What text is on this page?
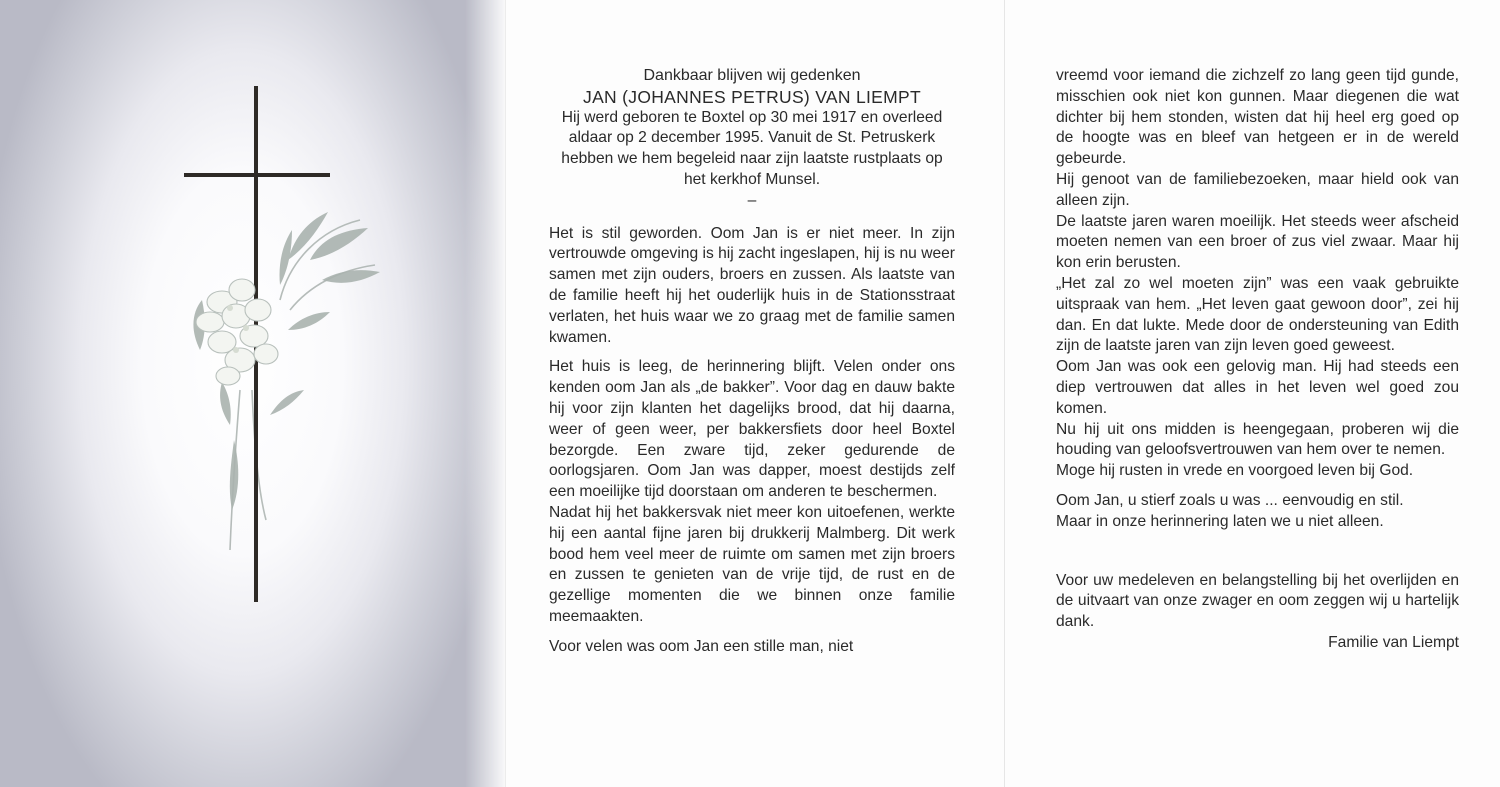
Dankbaar blijven wij gedenken

JAN (JOHANNES PETRUS) VAN LIEMPT

Hij werd geboren te Boxtel op 30 mei 1917 en overleed aldaar op 2 december 1995. Vanuit de St. Petruskerk hebben we hem begeleid naar zijn laatste rustplaats op het kerkhof Munsel.

–

Het is stil geworden. Oom Jan is er niet meer. In zijn vertrouwde omgeving is hij zacht ingeslapen, hij is nu weer samen met zijn ouders, broers en zussen. Als laatste van de familie heeft hij het ouderlijk huis in de Stationsstraat verlaten, het huis waar we zo graag met de familie samen kwamen.

Het huis is leeg, de herinnering blijft. Velen onder ons kenden oom Jan als „de bakker”. Voor dag en dauw bakte hij voor zijn klanten het dagelijks brood, dat hij daarna, weer of geen weer, per bakkersfiets door heel Boxtel bezorgde. Een zware tijd, zeker gedurende de oorlogsjaren. Oom Jan was dapper, moest destijds zelf een moeilijke tijd doorstaan om anderen te beschermen.

Nadat hij het bakkersvak niet meer kon uitoefenen, werkte hij een aantal fijne jaren bij drukkerij Malmberg. Dit werk bood hem veel meer de ruimte om samen met zijn broers en zussen te genieten van de vrije tijd, de rust en de gezellige momenten die we binnen onze familie meemaakten.

Voor velen was oom Jan een stille man, niet

vreemd voor iemand die zichzelf zo lang geen tijd gunde, misschien ook niet kon gunnen. Maar diegenen die wat dichter bij hem stonden, wisten dat hij heel erg goed op de hoogte was en bleef van hetgeen er in de wereld gebeurde.

Hij genoot van de familiebezoeken, maar hield ook van alleen zijn.

De laatste jaren waren moeilijk. Het steeds weer afscheid moeten nemen van een broer of zus viel zwaar. Maar hij kon erin berusten.

„Het zal zo wel moeten zijn” was een vaak gebruikte uitspraak van hem. „Het leven gaat gewoon door”, zei hij dan. En dat lukte. Mede door de ondersteuning van Edith zijn de laatste jaren van zijn leven goed geweest.

Oom Jan was ook een gelovig man. Hij had steeds een diep vertrouwen dat alles in het leven wel goed zou komen.

Nu hij uit ons midden is heengegaan, proberen wij die houding van geloofsvertrouwen van hem over te nemen.

Moge hij rusten in vrede en voorgoed leven bij God.

Oom Jan, u stierf zoals u was ... eenvoudig en stil.

Maar in onze herinnering laten we u niet alleen.

Voor uw medeleven en belangstelling bij het overlijden en de uitvaart van onze zwager en oom zeggen wij u hartelijk dank.

Familie van Liempt
